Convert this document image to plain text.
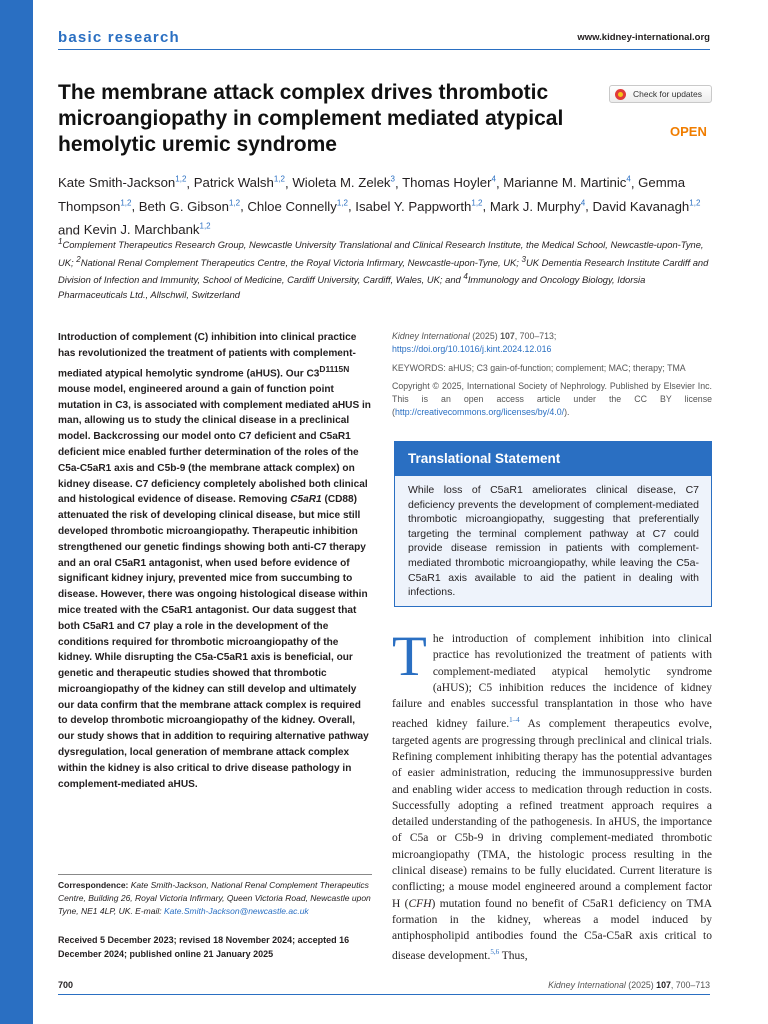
basic research	www.kidney-international.org
The membrane attack complex drives thrombotic microangiopathy in complement mediated atypical hemolytic uremic syndrome
Check for updates
OPEN
Kate Smith-Jackson$^{1,2}$, Patrick Walsh$^{1,2}$, Wioleta M. Zelek$^3$, Thomas Hoyler$^4$, Marianne M. Martinic$^4$, Gemma Thompson$^{1,2}$, Beth G. Gibson$^{1,2}$, Chloe Connelly$^{1,2}$, Isabel Y. Pappworth$^{1,2}$, Mark J. Murphy$^4$, David Kavanagh$^{1,2}$ and Kevin J. Marchbank$^{1,2}$
$^1$Complement Therapeutics Research Group, Newcastle University Translational and Clinical Research Institute, the Medical School, Newcastle-upon-Tyne, UK; $^2$National Renal Complement Therapeutics Centre, the Royal Victoria Infirmary, Newcastle-upon-Tyne, UK; $^3$UK Dementia Research Institute Cardiff and Division of Infection and Immunity, School of Medicine, Cardiff University, Cardiff, Wales, UK; and $^4$Immunology and Oncology Biology, Idorsia Pharmaceuticals Ltd., Allschwil, Switzerland
Introduction of complement (C) inhibition into clinical practice has revolutionized the treatment of patients with complement-mediated atypical hemolytic syndrome (aHUS). Our $C3^{D1115N}$ mouse model, engineered around a gain of function point mutation in C3, is associated with complement mediated aHUS in man, allowing us to study the clinical disease in a preclinical model. Backcrossing our model onto C7 deficient and C5aR1 deficient mice enabled further determination of the roles of the C5a-C5aR1 axis and C5b-9 (the membrane attack complex) on kidney disease. C7 deficiency completely abolished both clinical and histological evidence of disease. Removing C5aR1 (CD88) attenuated the risk of developing clinical disease, but mice still developed thrombotic microangiopathy. Therapeutic inhibition strengthened our genetic findings showing both anti-C7 therapy and an oral C5aR1 antagonist, when used before evidence of significant kidney injury, prevented mice from succumbing to disease. However, there was ongoing histological disease within mice treated with the C5aR1 antagonist. Our data suggest that both C5aR1 and C7 play a role in the development of the conditions required for thrombotic microangiopathy of the kidney. While disrupting the C5a-C5aR1 axis is beneficial, our genetic and therapeutic studies showed that thrombotic microangiopathy of the kidney can still develop and ultimately our data confirm that the membrane attack complex is required to develop thrombotic microangiopathy of the kidney. Overall, our study shows that in addition to requiring alternative pathway dysregulation, local generation of membrane attack complex within the kidney is also critical to drive disease pathology in complement-mediated aHUS.
Kidney International (2025) 107, 700–713; https://doi.org/10.1016/j.kint.2024.12.016
KEYWORDS: aHUS; C3 gain-of-function; complement; MAC; therapy; TMA
Copyright © 2025, International Society of Nephrology. Published by Elsevier Inc. This is an open access article under the CC BY license (http://creativecommons.org/licenses/by/4.0/).
Translational Statement
While loss of C5aR1 ameliorates clinical disease, C7 deficiency prevents the development of complement-mediated thrombotic microangiopathy, suggesting that preferentially targeting the terminal complement pathway at C7 could provide disease remission in patients with complement-mediated thrombotic microangiopathy, while leaving the C5a-C5aR1 axis available to aid the patient in dealing with infections.
The introduction of complement inhibition into clinical practice has revolutionized the treatment of patients with complement-mediated atypical hemolytic syndrome (aHUS); C5 inhibition reduces the incidence of kidney failure and enables successful transplantation in those who have reached kidney failure.$^{1-4}$ As complement therapeutics evolve, targeted agents are progressing through preclinical and clinical trials. Refining complement inhibiting therapy has the potential advantages of easier administration, reducing the immunosuppressive burden and enabling wider access to medication through reduction in costs. Successfully adopting a refined treatment approach requires a detailed understanding of the pathogenesis. In aHUS, the importance of C5a or C5b-9 in driving complement-mediated thrombotic microangiopathy (TMA, the histologic process resulting in the clinical disease) remains to be fully elucidated. Current literature is conflicting; a mouse model engineered around a complement factor H (CFH) mutation found no benefit of C5aR1 deficiency on TMA formation in the kidney, whereas a model induced by antiphospholipid antibodies found the C5a-C5aR axis critical to disease development.$^{5,6}$ Thus,
Correspondence: Kate Smith-Jackson, National Renal Complement Therapeutics Centre, Building 26, Royal Victoria Infirmary, Queen Victoria Road, Newcastle upon Tyne, NE1 4LP, UK. E-mail: Kate.Smith-Jackson@newcastle.ac.uk
Received 5 December 2023; revised 18 November 2024; accepted 16 December 2024; published online 21 January 2025
700	Kidney International (2025) 107, 700–713
